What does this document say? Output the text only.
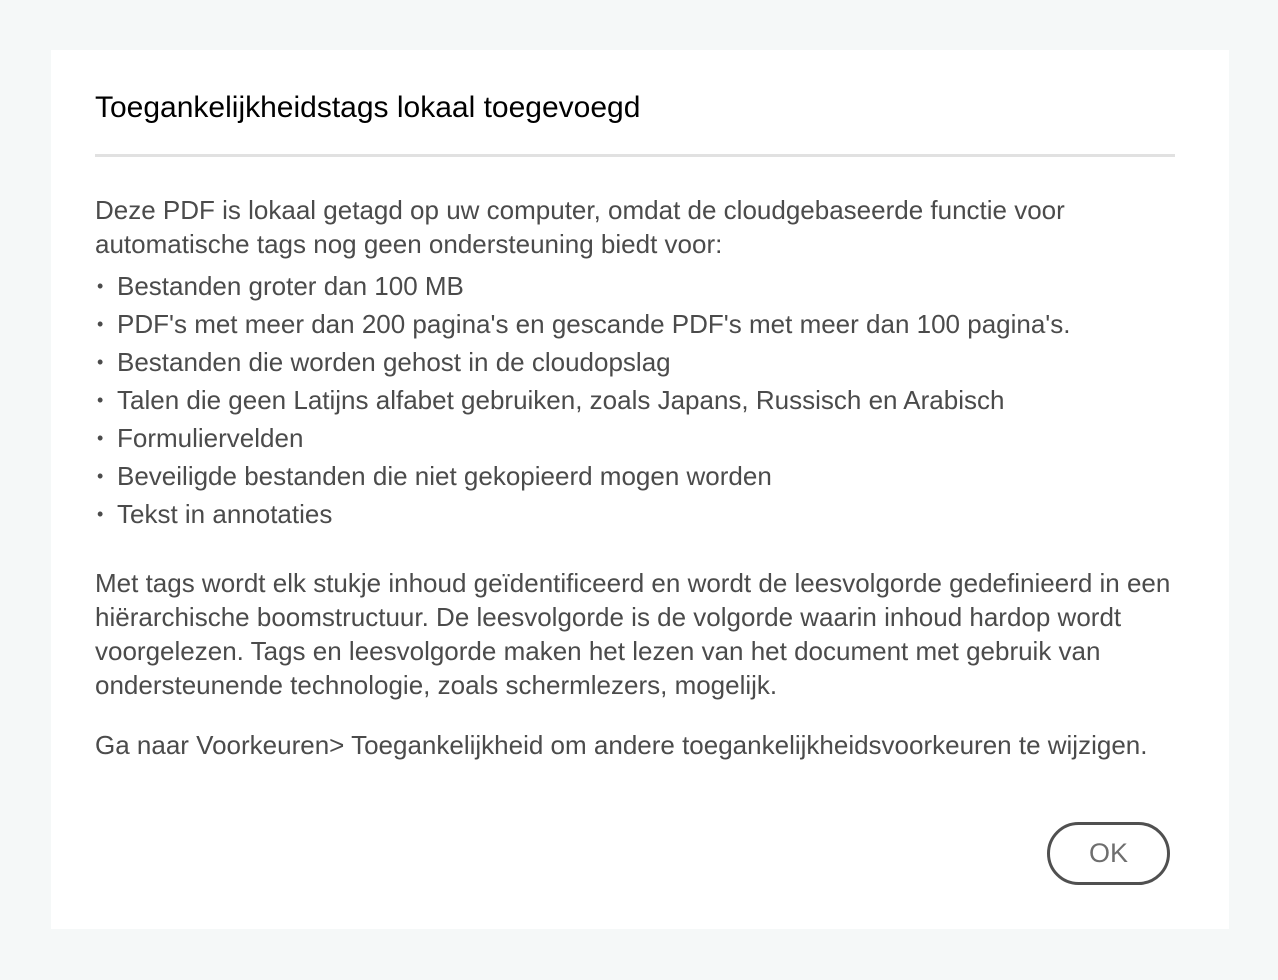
Toegankelijkheidstags lokaal toegevoegd

Deze PDF is lokaal getagd op uw computer, omdat de cloudgebaseerde functie voor automatische tags nog geen ondersteuning biedt voor:

• Bestanden groter dan 100 MB
• PDF's met meer dan 200 pagina's en gescande PDF's met meer dan 100 pagina's.
• Bestanden die worden gehost in de cloudopslag
• Talen die geen Latijns alfabet gebruiken, zoals Japans, Russisch en Arabisch
• Formuliervelden
• Beveiligde bestanden die niet gekopieerd mogen worden
• Tekst in annotaties

Met tags wordt elk stukje inhoud geïdentificeerd en wordt de leesvolgorde gedefinieerd in een hiërarchische boomstructuur. De leesvolgorde is de volgorde waarin inhoud hardop wordt voorgelezen. Tags en leesvolgorde maken het lezen van het document met gebruik van ondersteunende technologie, zoals schermlezers, mogelijk.

Ga naar Voorkeuren> Toegankelijkheid om andere toegankelijkheidsvoorkeuren te wijzigen.

OK
